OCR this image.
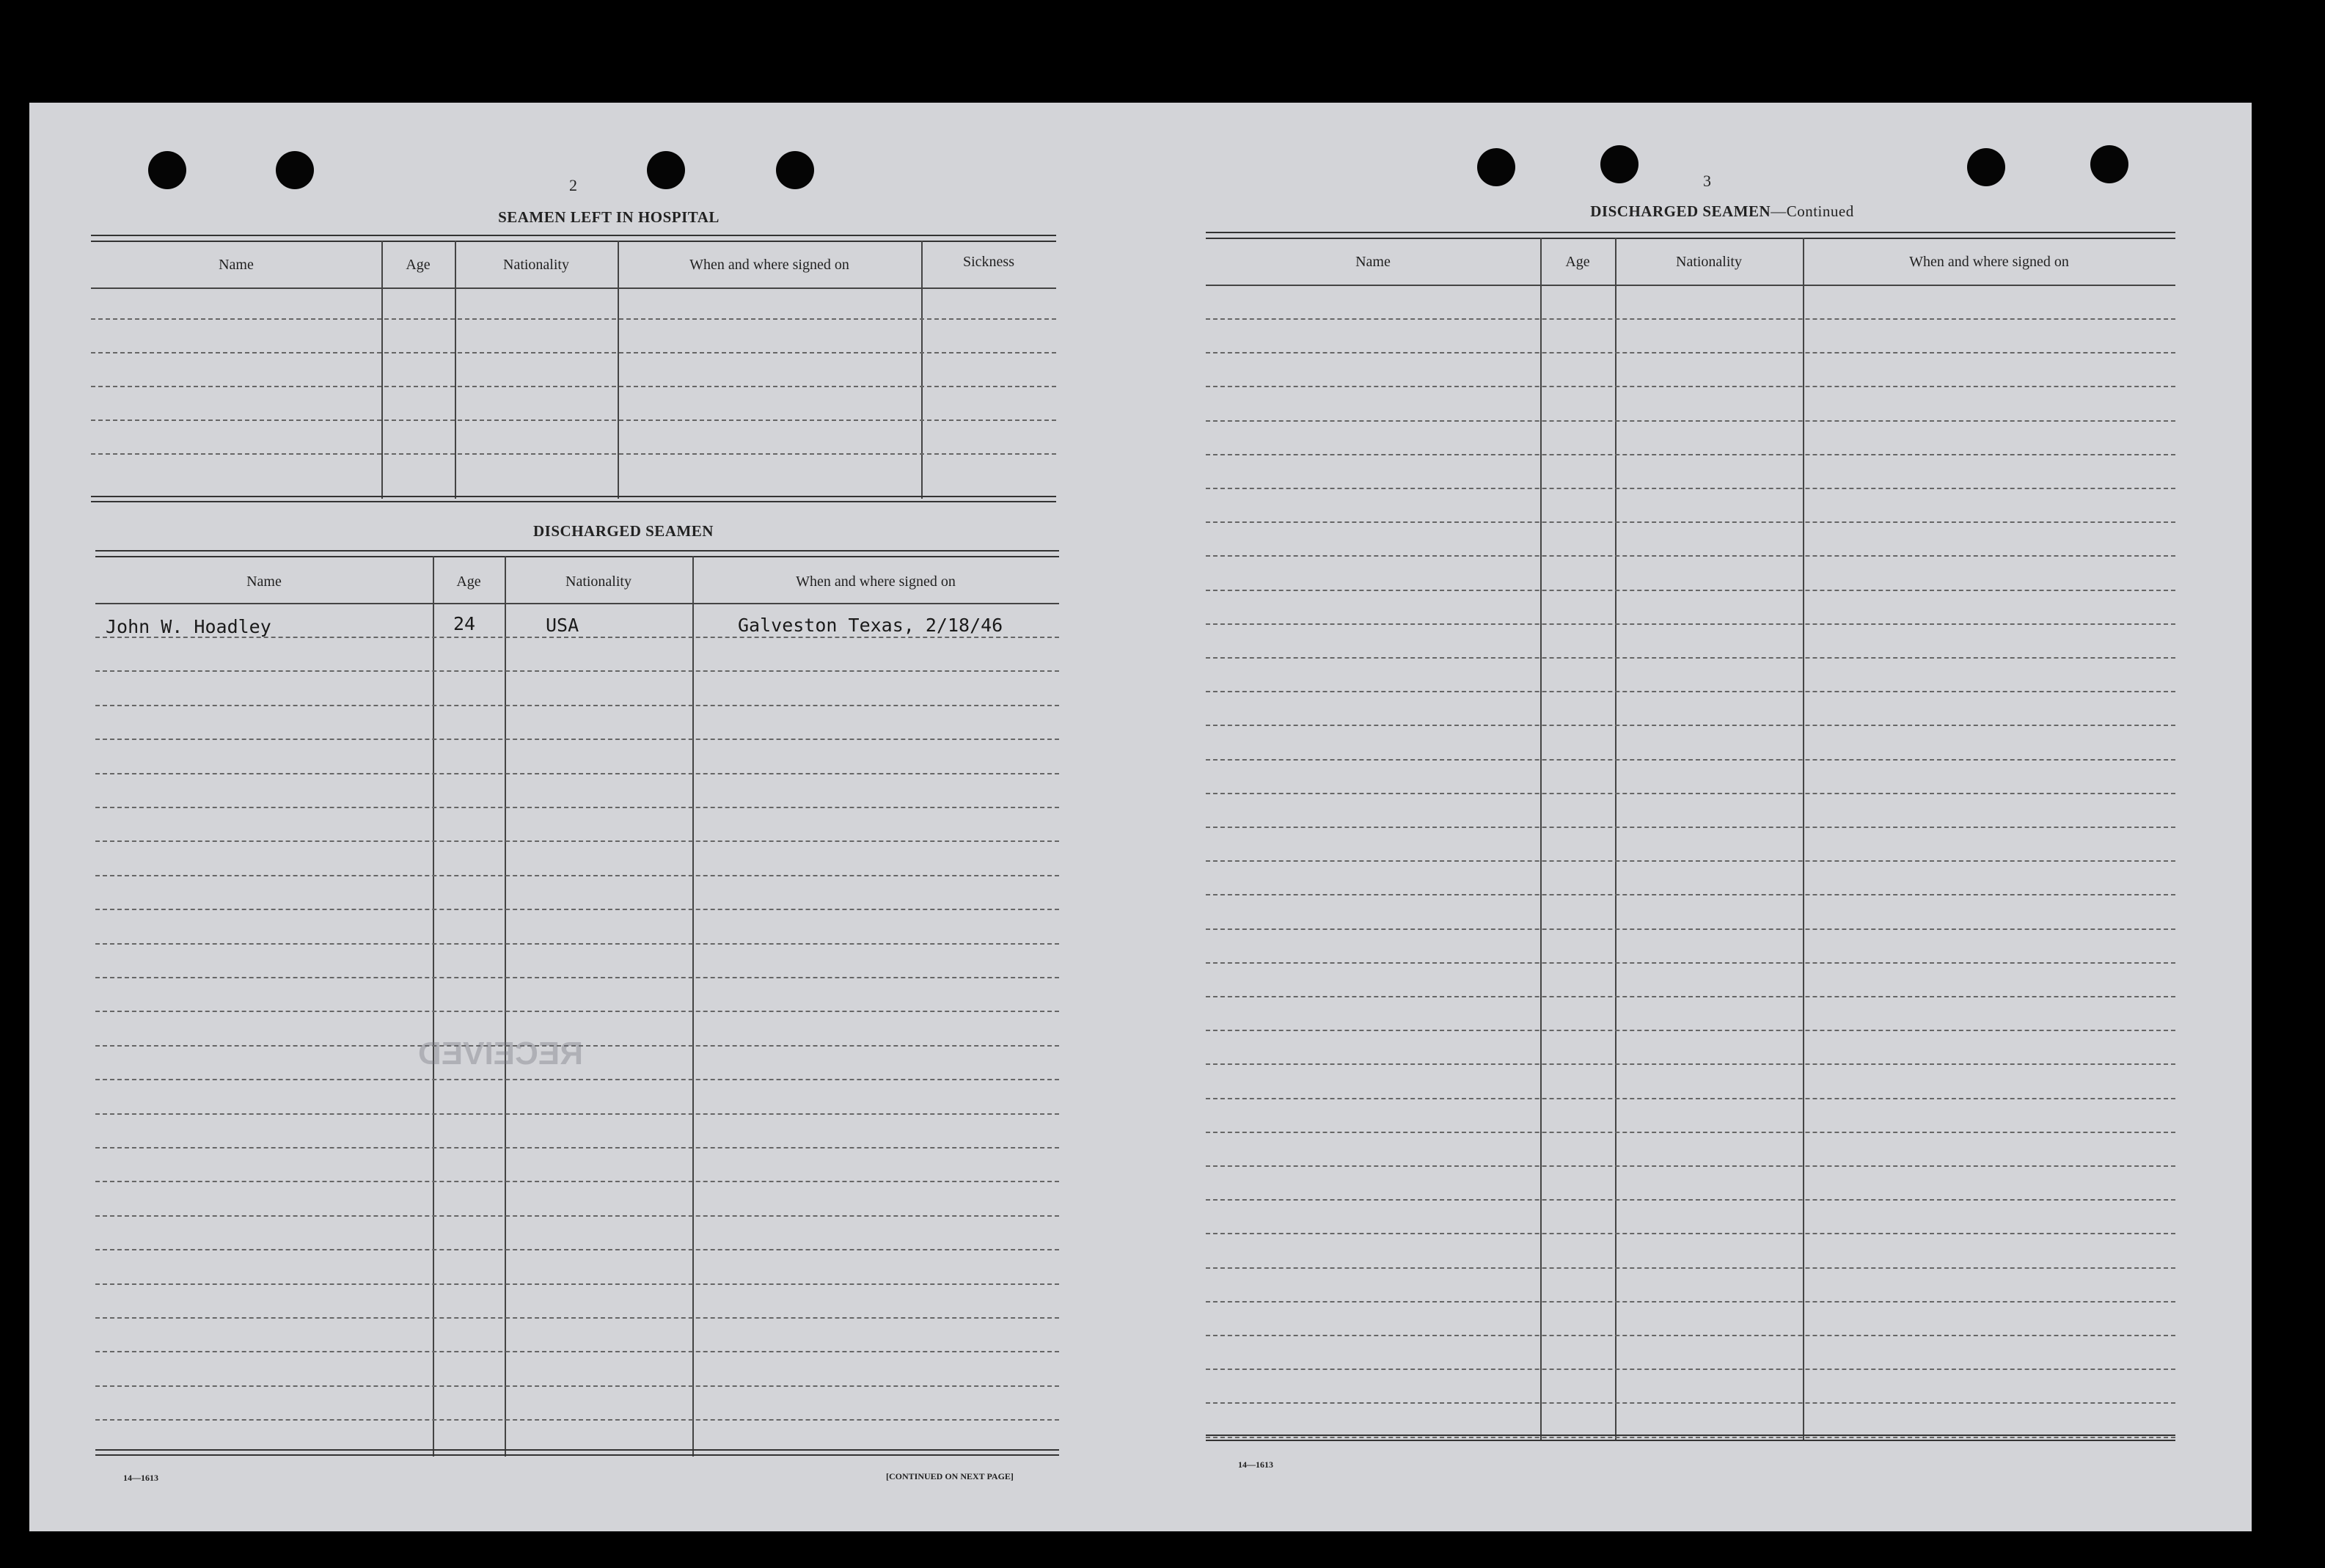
2
SEAMEN LEFT IN HOSPITAL
Name	Age	Nationality	When and where signed on	Sickness
DISCHARGED SEAMEN
Name	Age	Nationality	When and where signed on
John W. Hoadley	24	USA	Galveston Texas, 2/18/46
RECEIVED
14—1613	[CONTINUED ON NEXT PAGE]
3
DISCHARGED SEAMEN—Continued
Name	Age	Nationality	When and where signed on
14—1613
